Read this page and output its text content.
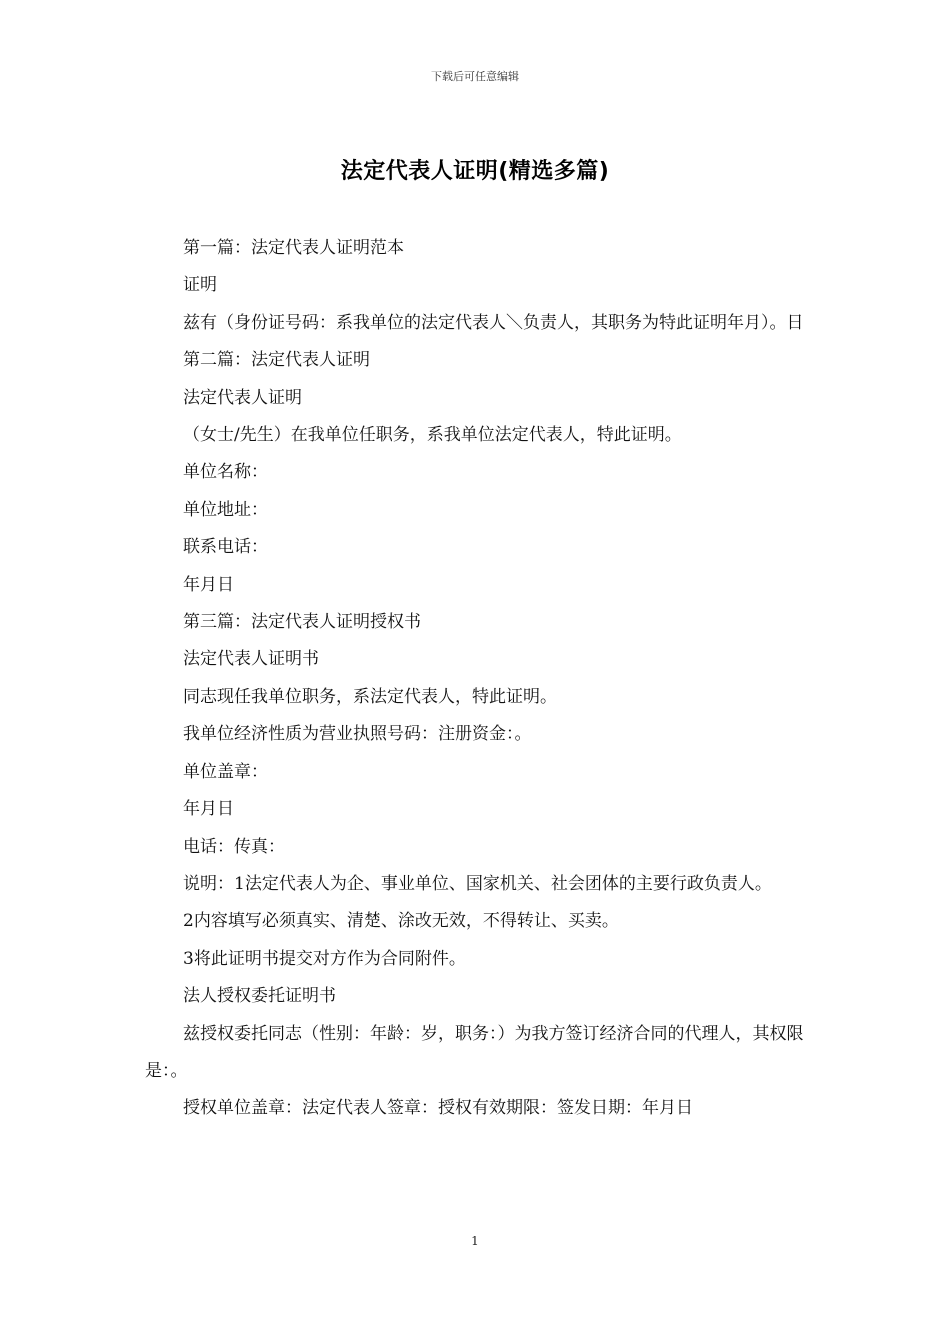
下载后可任意编辑
法定代表人证明(精选多篇)

第一篇：法定代表人证明范本

证明

兹有（身份证号码：系我单位的法定代表人＼负责人，其职务为特此证明年月）。日

第二篇：法定代表人证明

法定代表人证明

（女士/先生）在我单位任职务，系我单位法定代表人，特此证明。

单位名称：

单位地址：

联系电话：

年月日

第三篇：法定代表人证明授权书

法定代表人证明书

同志现任我单位职务，系法定代表人，特此证明。

我单位经济性质为营业执照号码：注册资金：。

单位盖章：

年月日

电话：传真：

说明：1法定代表人为企、事业单位、国家机关、社会团体的主要行政负责人。

2内容填写必须真实、清楚、涂改无效，不得转让、买卖。

3将此证明书提交对方作为合同附件。

法人授权委托证明书

兹授权委托同志（性别：年龄：岁，职务：）为我方签订经济合同的代理人，其权限是：。

授权单位盖章：法定代表人签章：授权有效期限：签发日期：年月日

1
